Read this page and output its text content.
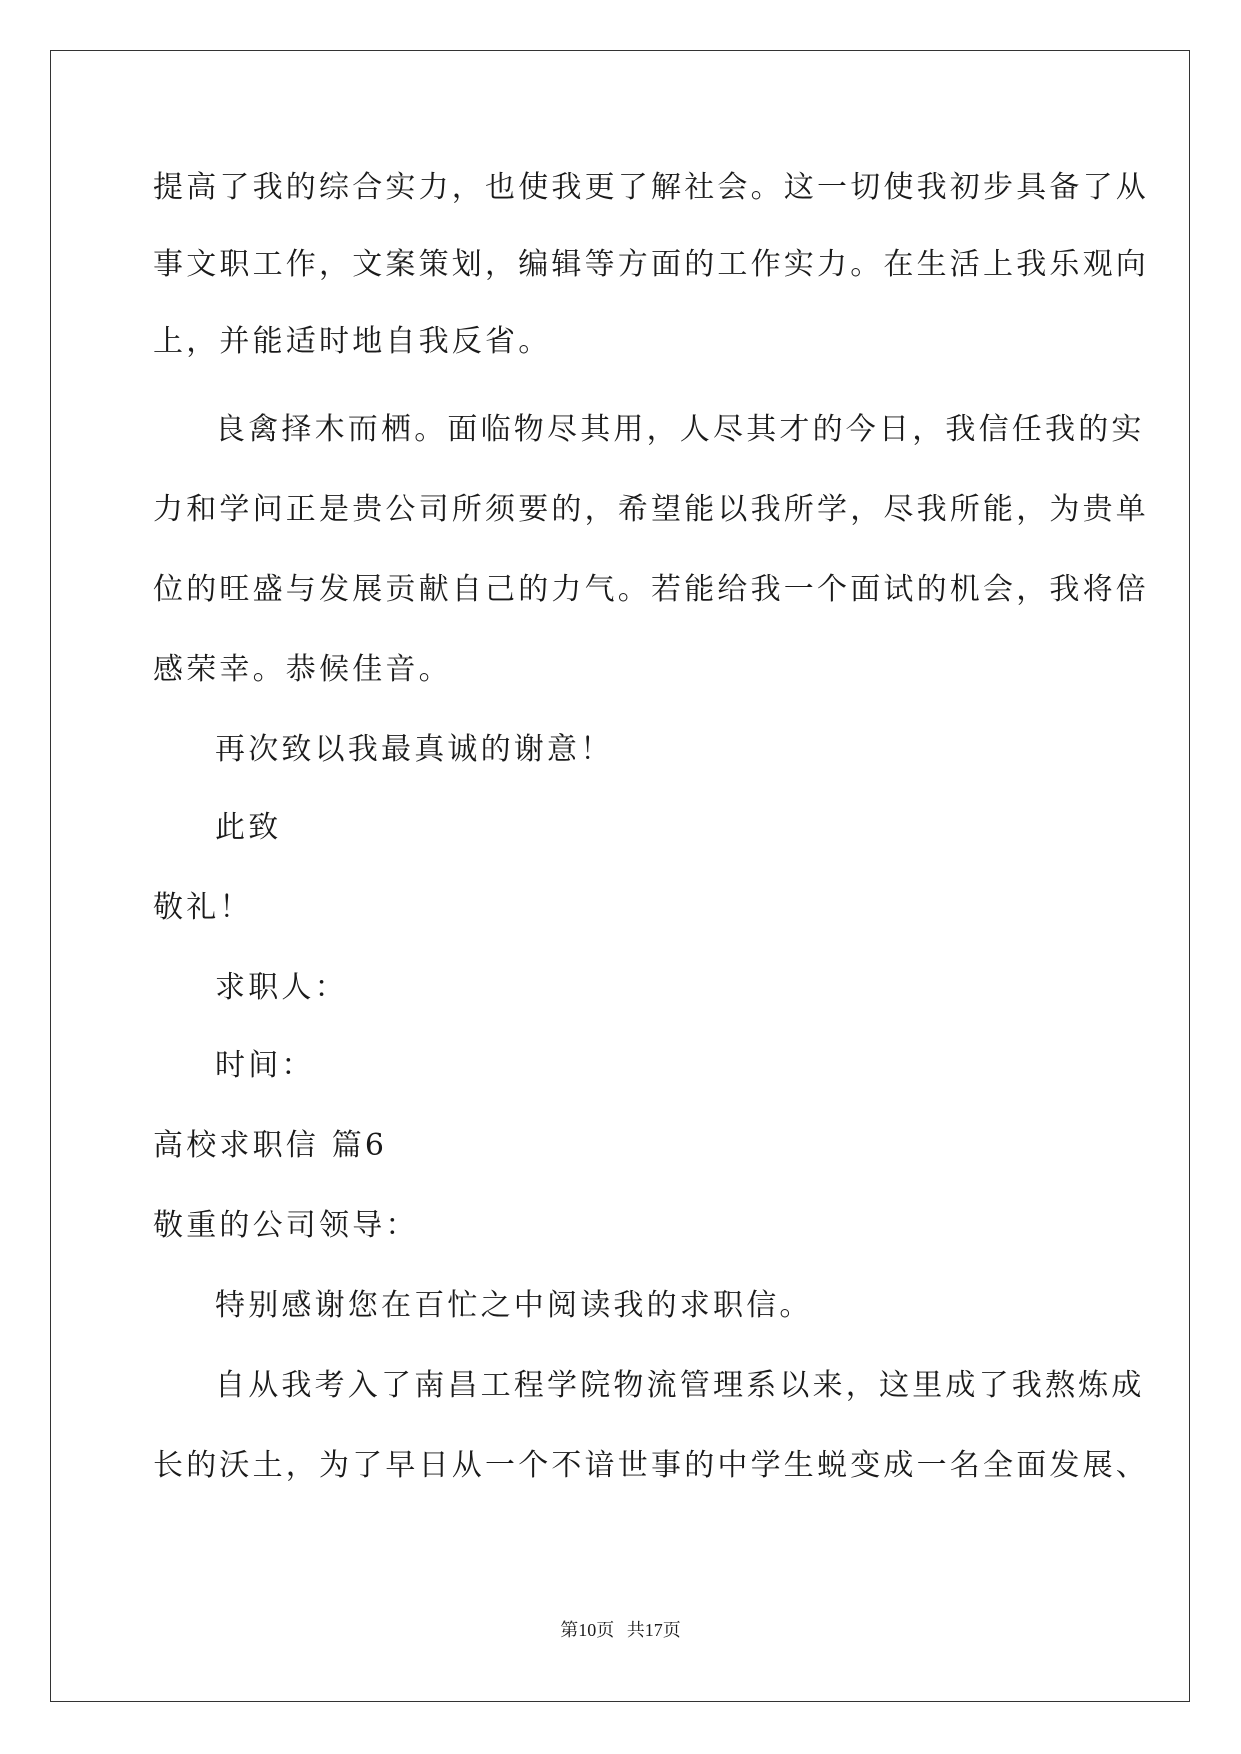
提高了我的综合实力，也使我更了解社会。这一切使我初步具备了从
事文职工作，文案策划，编辑等方面的工作实力。在生活上我乐观向
上，并能适时地自我反省。
良禽择木而栖。面临物尽其用，人尽其才的今日，我信任我的实
力和学问正是贵公司所须要的，希望能以我所学，尽我所能，为贵单
位的旺盛与发展贡献自己的力气。若能给我一个面试的机会，我将倍
感荣幸。恭候佳音。
再次致以我最真诚的谢意！
此致
敬礼！
求职人：
时间：
高校求职信 篇6
敬重的公司领导：
特别感谢您在百忙之中阅读我的求职信。
自从我考入了南昌工程学院物流管理系以来，这里成了我熬炼成
长的沃土，为了早日从一个不谙世事的中学生蜕变成一名全面发展、
第10页 共17页
